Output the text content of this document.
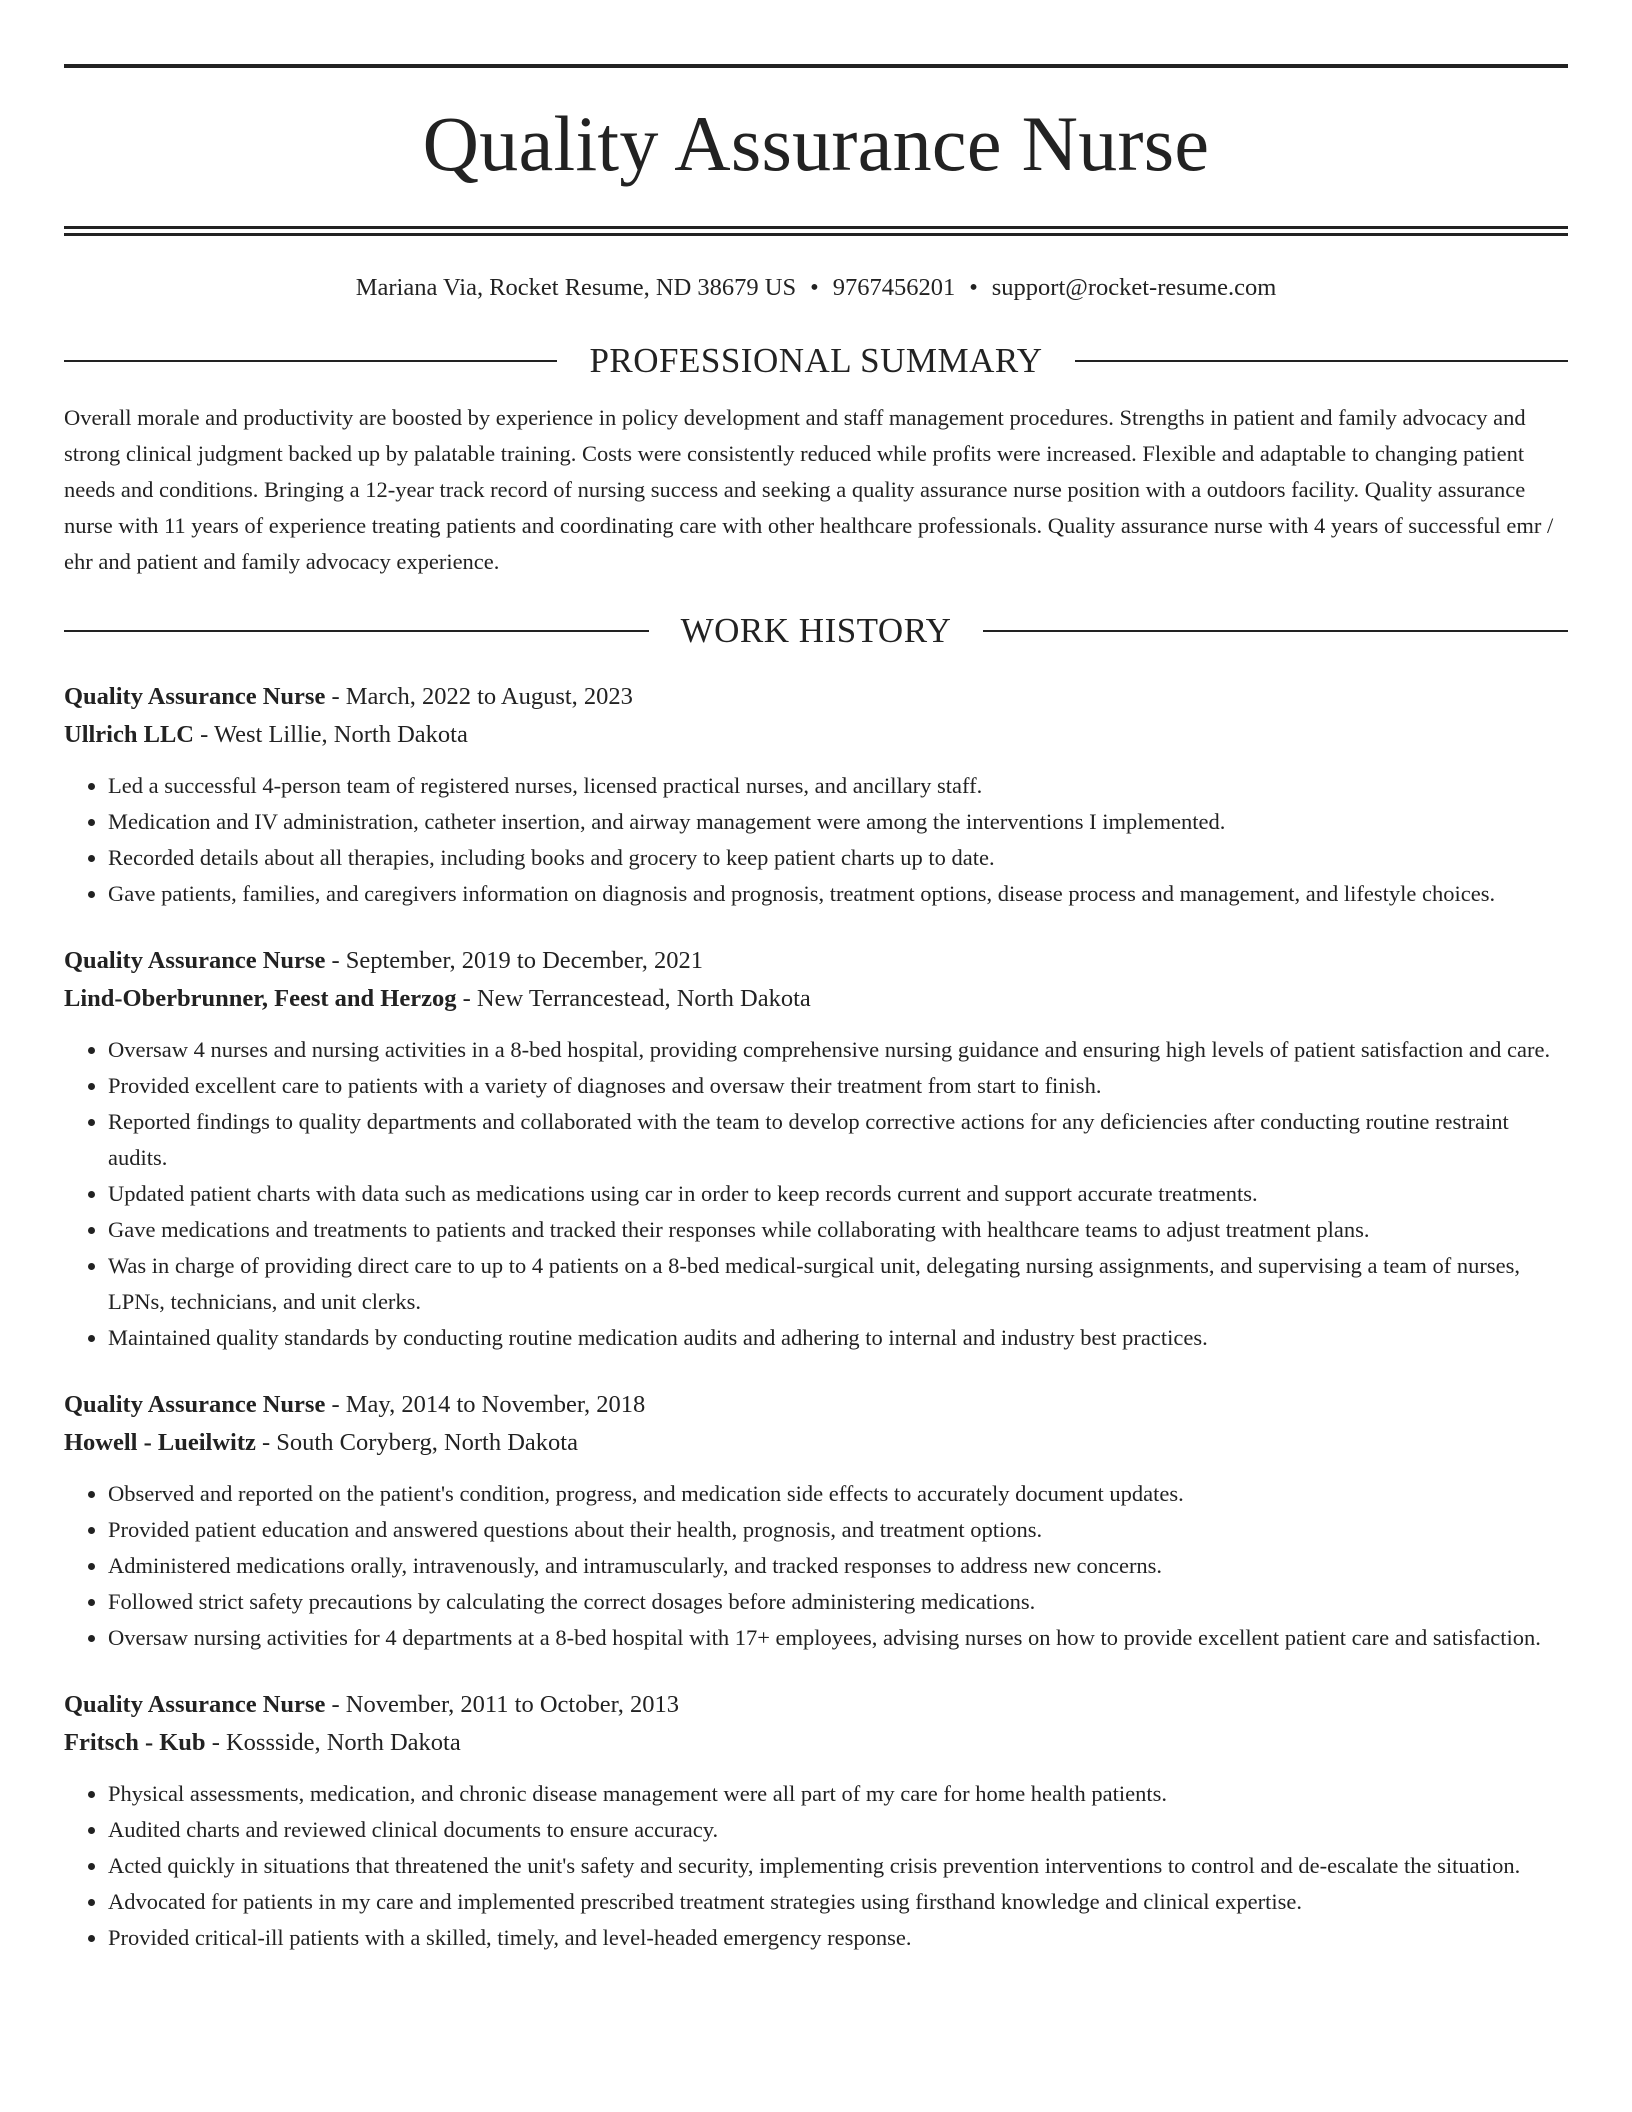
Quality Assurance Nurse
Mariana Via, Rocket Resume, ND 38679 US • 9767456201 • support@rocket-resume.com
PROFESSIONAL SUMMARY
Overall morale and productivity are boosted by experience in policy development and staff management procedures. Strengths in patient and family advocacy and strong clinical judgment backed up by palatable training. Costs were consistently reduced while profits were increased. Flexible and adaptable to changing patient needs and conditions. Bringing a 12-year track record of nursing success and seeking a quality assurance nurse position with a outdoors facility. Quality assurance nurse with 11 years of experience treating patients and coordinating care with other healthcare professionals. Quality assurance nurse with 4 years of successful emr / ehr and patient and family advocacy experience.
WORK HISTORY
Quality Assurance Nurse - March, 2022 to August, 2023
Ullrich LLC - West Lillie, North Dakota
• Led a successful 4-person team of registered nurses, licensed practical nurses, and ancillary staff.
• Medication and IV administration, catheter insertion, and airway management were among the interventions I implemented.
• Recorded details about all therapies, including books and grocery to keep patient charts up to date.
• Gave patients, families, and caregivers information on diagnosis and prognosis, treatment options, disease process and management, and lifestyle choices.
Quality Assurance Nurse - September, 2019 to December, 2021
Lind-Oberbrunner, Feest and Herzog - New Terrancestead, North Dakota
• Oversaw 4 nurses and nursing activities in a 8-bed hospital, providing comprehensive nursing guidance and ensuring high levels of patient satisfaction and care.
• Provided excellent care to patients with a variety of diagnoses and oversaw their treatment from start to finish.
• Reported findings to quality departments and collaborated with the team to develop corrective actions for any deficiencies after conducting routine restraint audits.
• Updated patient charts with data such as medications using car in order to keep records current and support accurate treatments.
• Gave medications and treatments to patients and tracked their responses while collaborating with healthcare teams to adjust treatment plans.
• Was in charge of providing direct care to up to 4 patients on a 8-bed medical-surgical unit, delegating nursing assignments, and supervising a team of nurses, LPNs, technicians, and unit clerks.
• Maintained quality standards by conducting routine medication audits and adhering to internal and industry best practices.
Quality Assurance Nurse - May, 2014 to November, 2018
Howell - Lueilwitz - South Coryberg, North Dakota
• Observed and reported on the patient's condition, progress, and medication side effects to accurately document updates.
• Provided patient education and answered questions about their health, prognosis, and treatment options.
• Administered medications orally, intravenously, and intramuscularly, and tracked responses to address new concerns.
• Followed strict safety precautions by calculating the correct dosages before administering medications.
• Oversaw nursing activities for 4 departments at a 8-bed hospital with 17+ employees, advising nurses on how to provide excellent patient care and satisfaction.
Quality Assurance Nurse - November, 2011 to October, 2013
Fritsch - Kub - Kossside, North Dakota
• Physical assessments, medication, and chronic disease management were all part of my care for home health patients.
• Audited charts and reviewed clinical documents to ensure accuracy.
• Acted quickly in situations that threatened the unit's safety and security, implementing crisis prevention interventions to control and de-escalate the situation.
• Advocated for patients in my care and implemented prescribed treatment strategies using firsthand knowledge and clinical expertise.
• Provided critical-ill patients with a skilled, timely, and level-headed emergency response.
